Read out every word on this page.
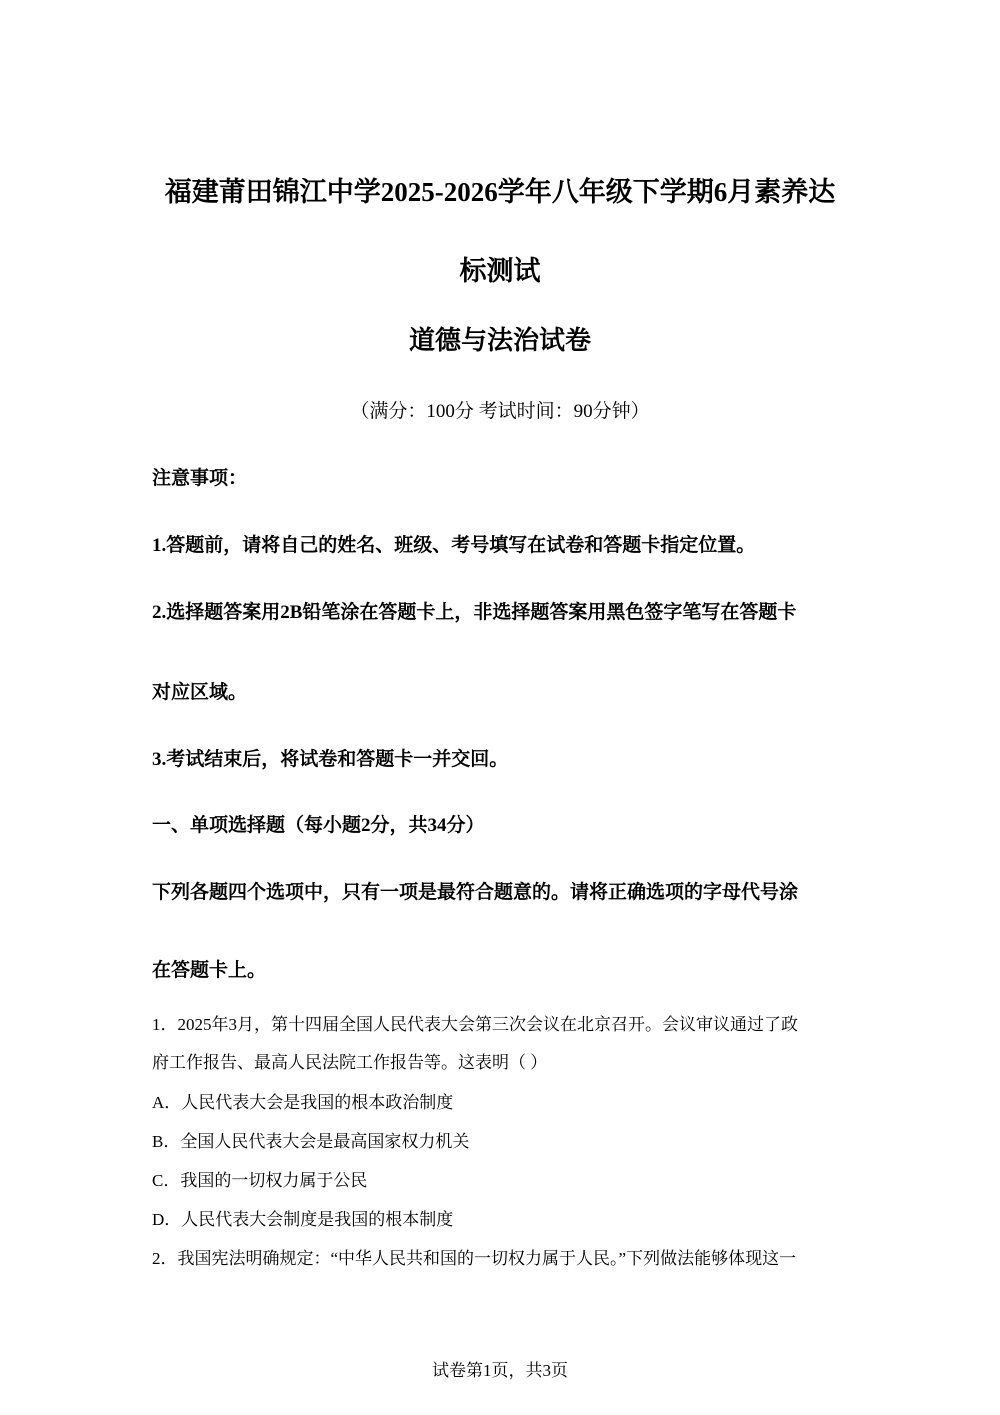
福建莆田锦江中学2025-2026学年八年级下学期6月素养达
标测试
道德与法治试卷
（满分：100分 考试时间：90分钟）
注意事项：
1.答题前，请将自己的姓名、班级、考号填写在试卷和答题卡指定位置。
2.选择题答案用2B铅笔涂在答题卡上，非选择题答案用黑色签字笔写在答题卡
对应区域。
3.考试结束后，将试卷和答题卡一并交回。
一、单项选择题（每小题2分，共34分）
下列各题四个选项中，只有一项是最符合题意的。请将正确选项的字母代号涂
在答题卡上。
1．2025年3月，第十四届全国人民代表大会第三次会议在北京召开。会议审议通过了政
府工作报告、最高人民法院工作报告等。这表明（ ）
A．人民代表大会是我国的根本政治制度
B．全国人民代表大会是最高国家权力机关
C．我国的一切权力属于公民
D．人民代表大会制度是我国的根本制度
2．我国宪法明确规定：“中华人民共和国的一切权力属于人民。”下列做法能够体现这一
试卷第1页，共3页
